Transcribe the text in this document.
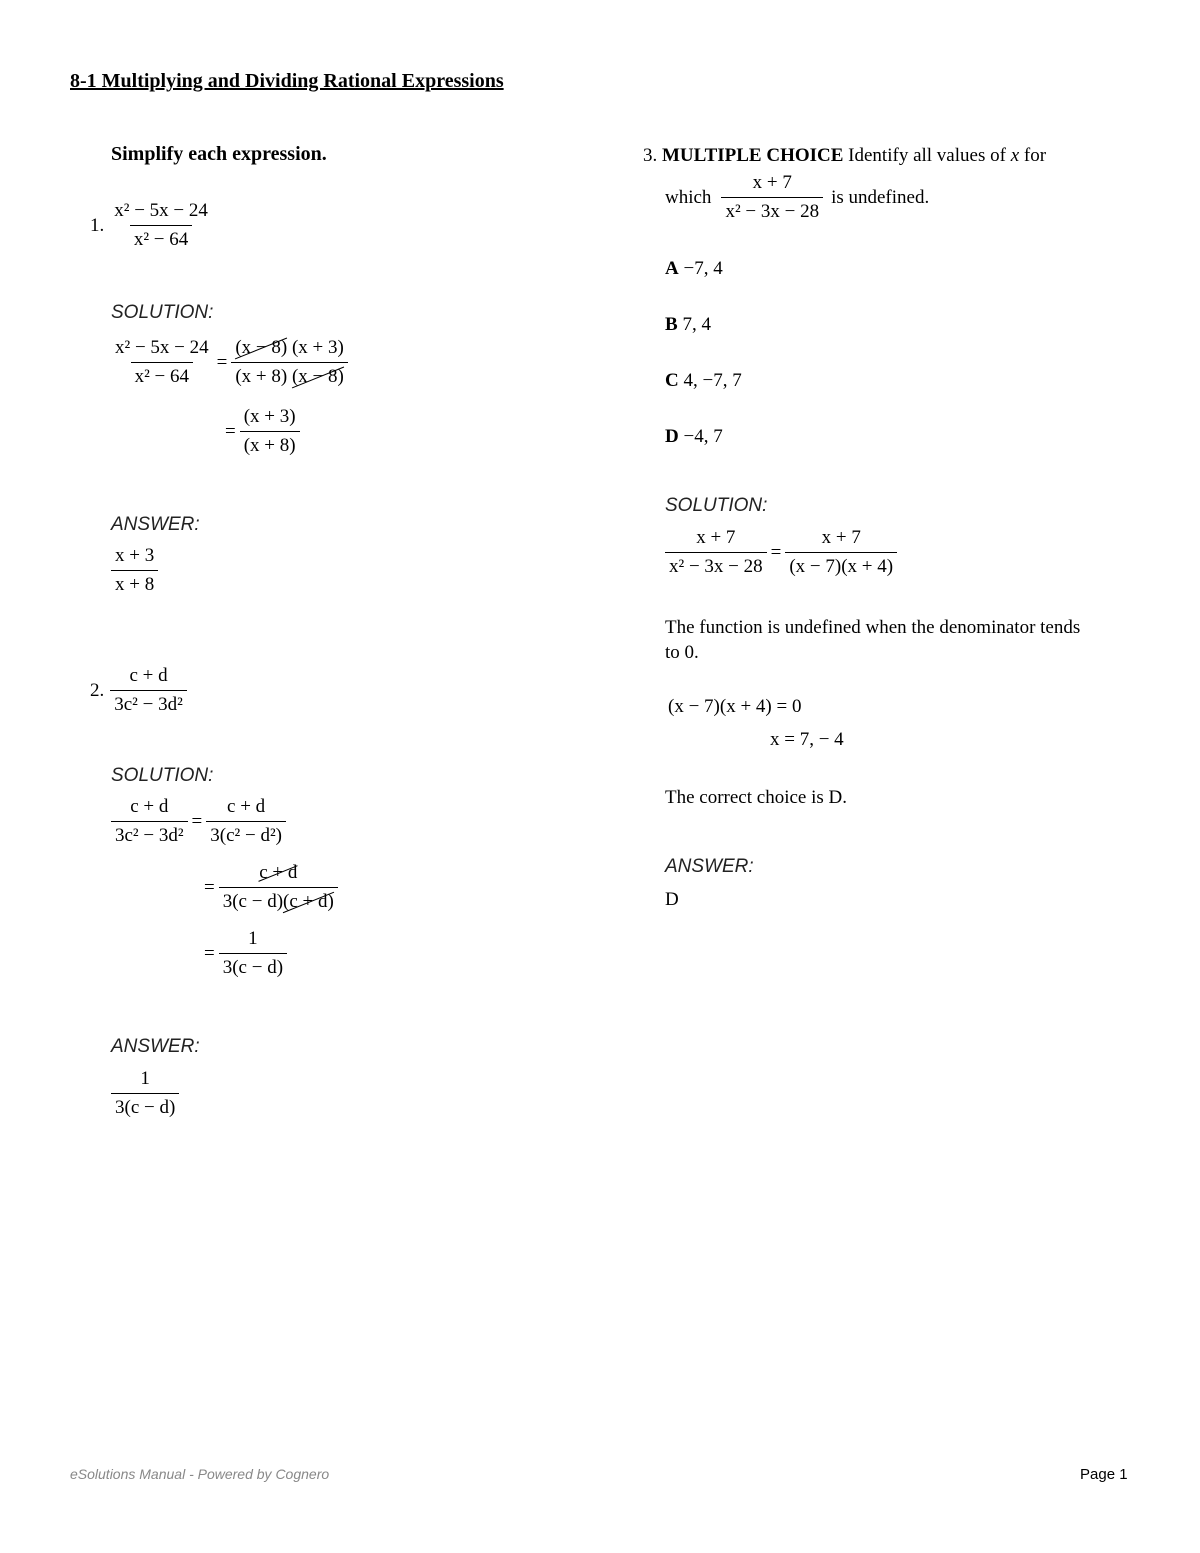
8-1 Multiplying and Dividing Rational Expressions
Simplify each expression.
1. $\frac{\text{x² − 5x − 24}}{\text{x² − 64}}$
SOLUTION:
$\frac{\text{x² − 5x − 24}}{\text{x² − 64}} = \frac{(x - 8) (x + 3)}{(x + 8) (x - 8)}$
= $\frac{(x + 3)}{(x + 8)}$
ANSWER:
$\frac{x + 3}{x + 8}$
2. $\frac{c + d}{\text{3c² − 3d²}}$
SOLUTION:
$\frac{c + d}{\text{3c² − 3d²}} = \frac{c + d}{\text{3(c² − d²)}}$
= $\frac{c + d}{3(c - d)(c + d)}$
= $\frac{1}{3(c - d)}$
ANSWER:
$\frac{1}{3(c - d)}$
3. MULTIPLE CHOICE Identify all values of x for
which $\frac{x + 7}{\text{x² − 3x − 28}}$ is undefined.
A −7, 4
B 7, 4
C 4, −7, 7
D −4, 7
SOLUTION:
$\frac{x + 7}{\text{x² − 3x − 28}} = \frac{x + 7}{(x - 7)(x + 4)}$
The function is undefined when the denominator tends to 0.
(x − 7)(x + 4) = 0
x = 7, − 4
The correct choice is D.
ANSWER:
D
eSolutions Manual - Powered by Cognero	Page 1
